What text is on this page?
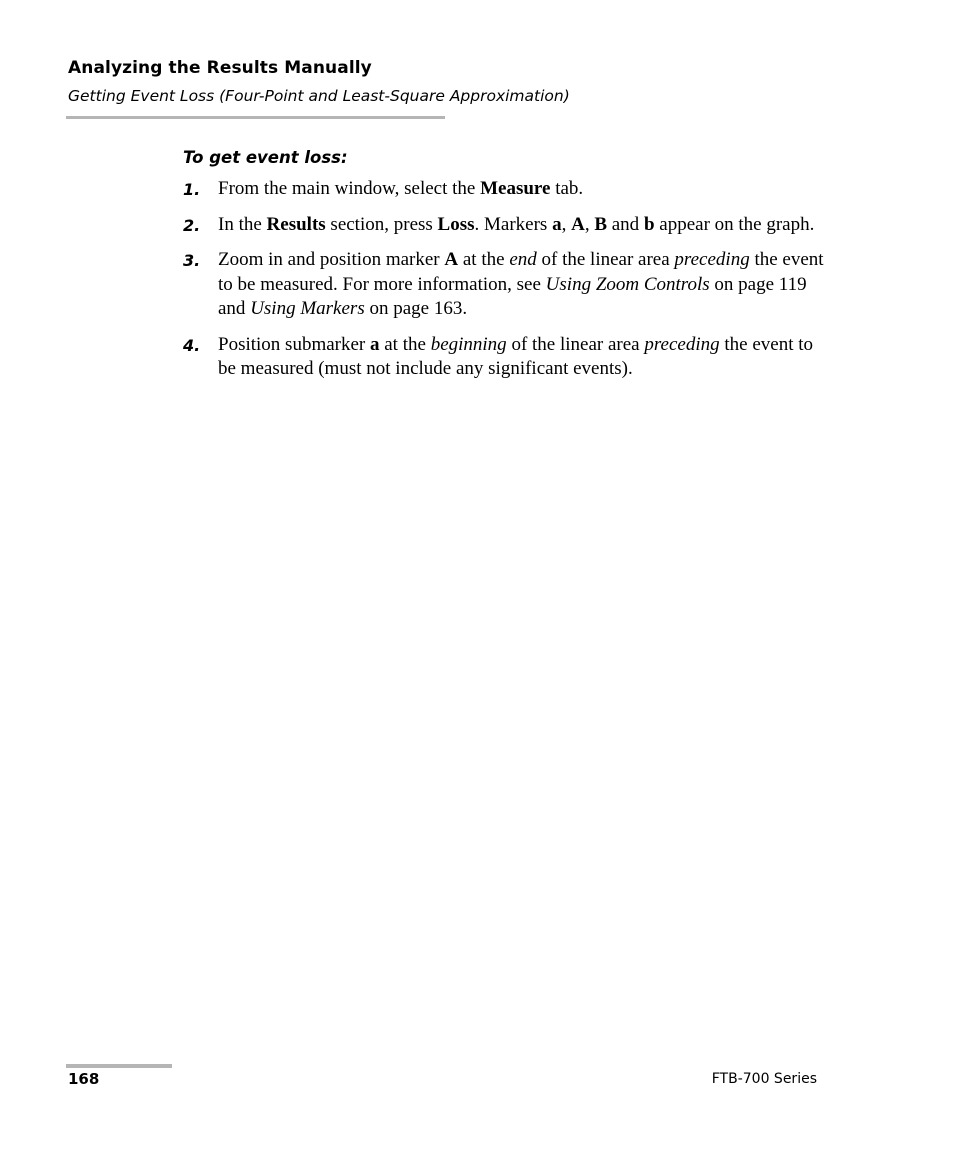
Analyzing the Results Manually
Getting Event Loss (Four-Point and Least-Square Approximation)
To get event loss:
1. From the main window, select the Measure tab.
2. In the Results section, press Loss. Markers a, A, B and b appear on the graph.
3. Zoom in and position marker A at the end of the linear area preceding the event to be measured. For more information, see Using Zoom Controls on page 119 and Using Markers on page 163.
4. Position submarker a at the beginning of the linear area preceding the event to be measured (must not include any significant events).
168	FTB-700 Series
